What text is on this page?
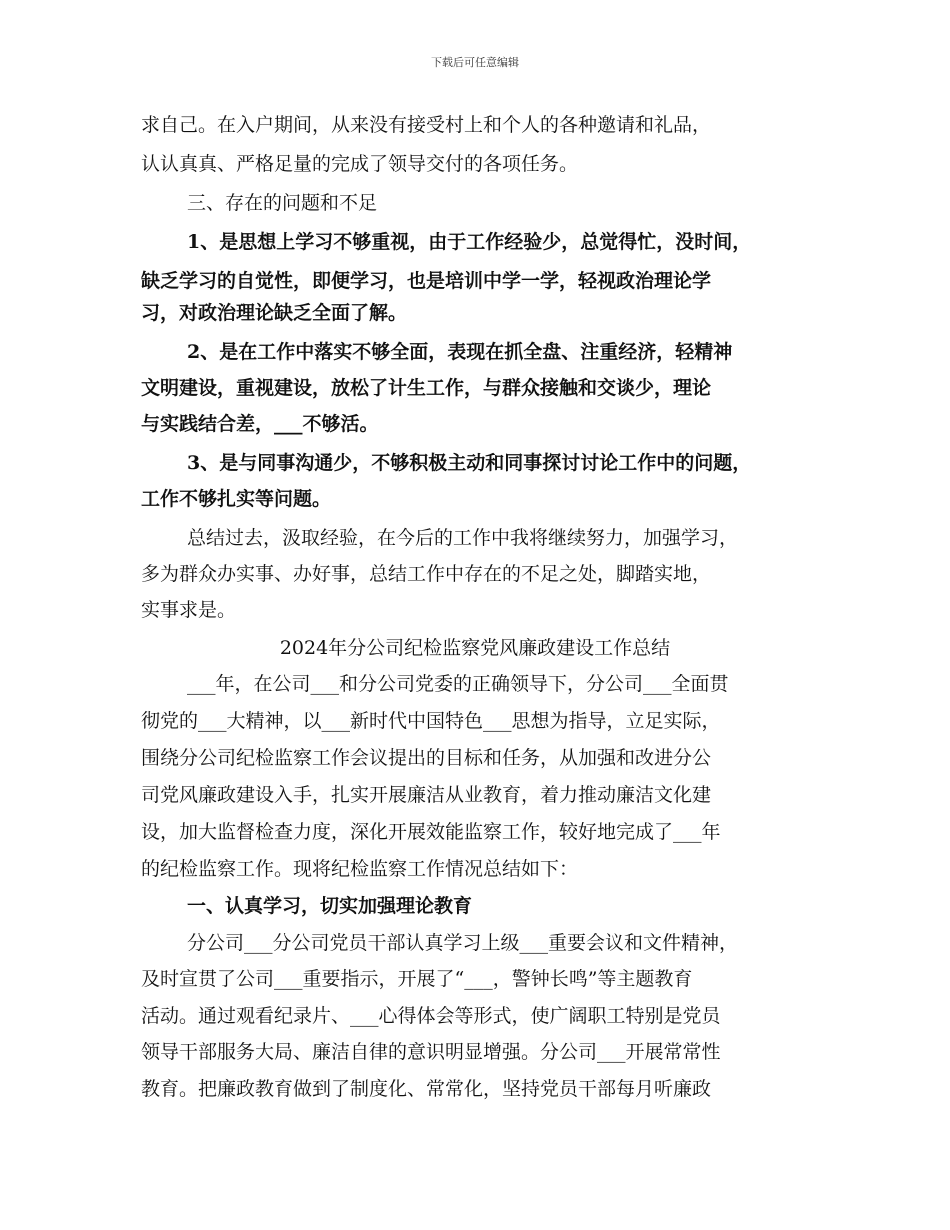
下载后可任意编辑
求自己。在入户期间，从来没有接受村上和个人的各种邀请和礼品，
认认真真、严格足量的完成了领导交付的各项任务。
三、存在的问题和不足
1、是思想上学习不够重视，由于工作经验少，总觉得忙，没时间，
缺乏学习的自觉性，即便学习，也是培训中学一学，轻视政治理论学
习，对政治理论缺乏全面了解。
2、是在工作中落实不够全面，表现在抓全盘、注重经济，轻精神
文明建设，重视建设，放松了计生工作，与群众接触和交谈少，理论
与实践结合差，___不够活。
3、是与同事沟通少，不够积极主动和同事探讨讨论工作中的问题，
工作不够扎实等问题。
总结过去，汲取经验，在今后的工作中我将继续努力，加强学习，
多为群众办实事、办好事，总结工作中存在的不足之处，脚踏实地，
实事求是。
2024年分公司纪检监察党风廉政建设工作总结
___年，在公司___和分公司党委的正确领导下，分公司___全面贯
彻党的___大精神，以___新时代中国特色___思想为指导，立足实际，
围绕分公司纪检监察工作会议提出的目标和任务，从加强和改进分公
司党风廉政建设入手，扎实开展廉洁从业教育，着力推动廉洁文化建
设，加大监督检查力度，深化开展效能监察工作，较好地完成了___年
的纪检监察工作。现将纪检监察工作情况总结如下：
一、认真学习，切实加强理论教育
分公司___分公司党员干部认真学习上级___重要会议和文件精神，
及时宣贯了公司___重要指示，开展了“___，警钟长鸣”等主题教育
活动。通过观看纪录片、___心得体会等形式，使广阔职工特别是党员
领导干部服务大局、廉洁自律的意识明显增强。分公司___开展常常性
教育。把廉政教育做到了制度化、常常化，坚持党员干部每月听廉政
